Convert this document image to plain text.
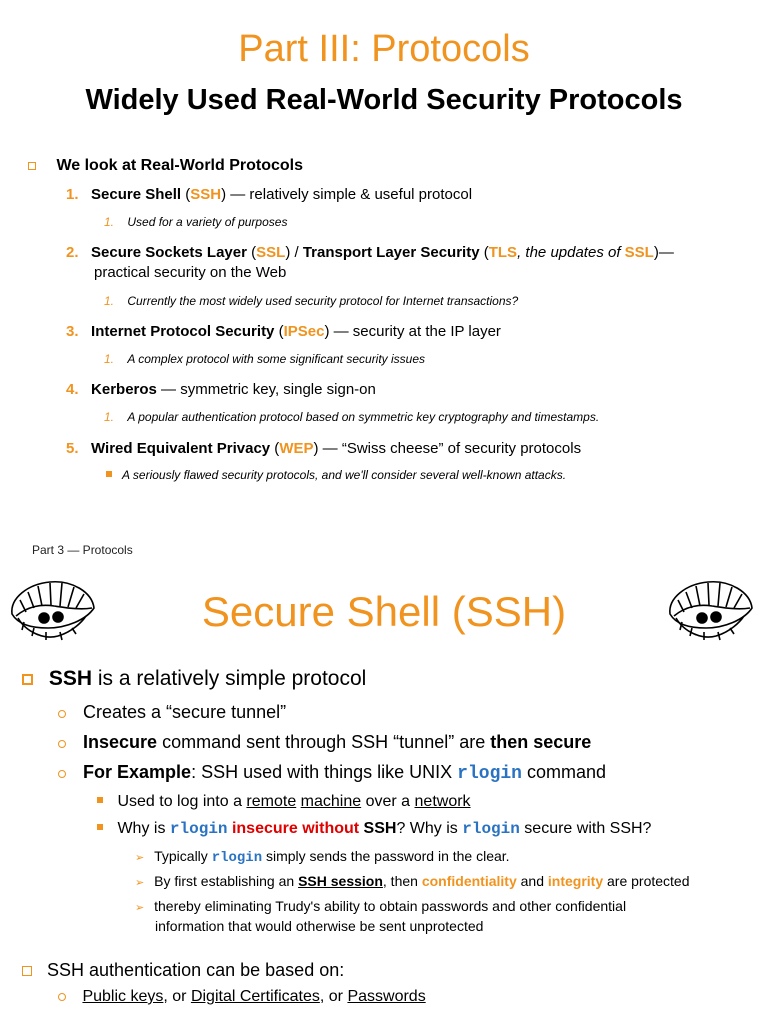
Part III: Protocols
Widely Used Real-World Security Protocols
We look at Real-World Protocols
1. Secure Shell (SSH) — relatively simple & useful protocol
1. Used for a variety of purposes
2. Secure Sockets Layer (SSL) / Transport Layer Security (TLS, the updates of SSL)—
practical security on the Web
1. Currently the most widely used security protocol for Internet transactions?
3. Internet Protocol Security (IPSec) — security at the IP layer
1. A complex protocol with some significant security issues
4. Kerberos — symmetric key, single sign-on
1. A popular authentication protocol based on symmetric key cryptography and timestamps.
5. Wired Equivalent Privacy (WEP) — “Swiss cheese” of security protocols
A seriously flawed security protocols, and we'll consider several well-known attacks.
Part 3 — Protocols
Secure Shell (SSH)
SSH is a relatively simple protocol
Creates a “secure tunnel”
Insecure command sent through SSH “tunnel” are then secure
For Example: SSH used with things like UNIX rlogin command
Used to log into a remote machine over a network
Why is rlogin insecure without SSH? Why is rlogin secure with SSH?
➢ Typically rlogin simply sends the password in the clear.
➢ By first establishing an SSH session, then confidentiality and integrity are protected
➢ thereby eliminating Trudy's ability to obtain passwords and other confidential
information that would otherwise be sent unprotected
SSH authentication can be based on:
Public keys, or Digital Certificates, or Passwords
